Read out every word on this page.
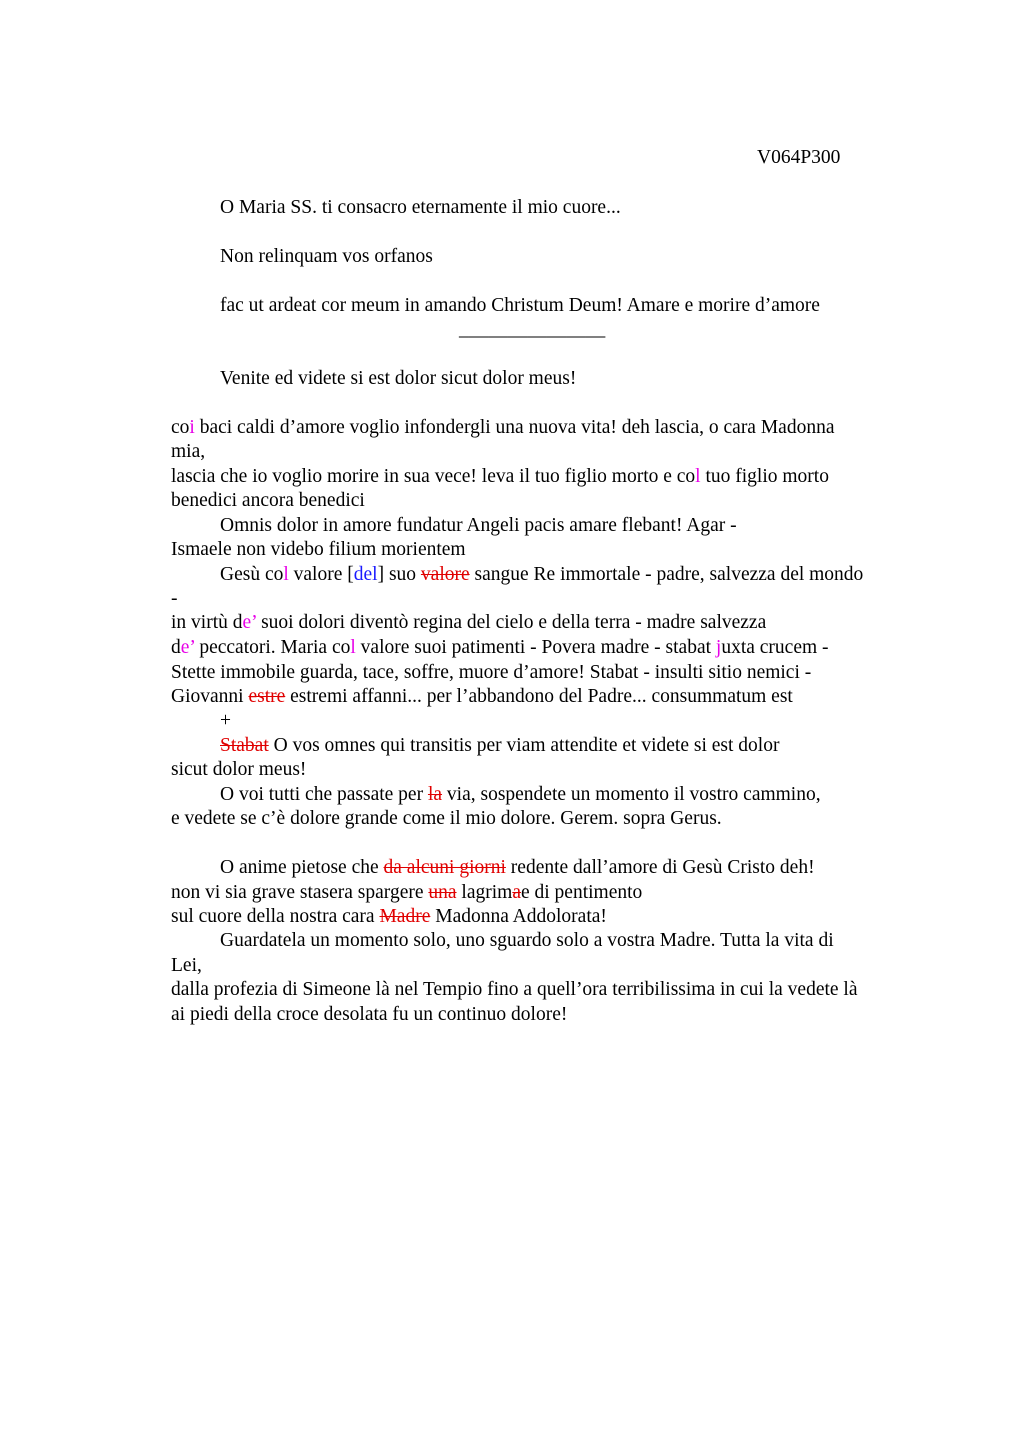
V064P300
O Maria SS. ti consacro eternamente il mio cuore...
Non relinquam vos orfanos
fac ut ardeat cor meum in amando Christum Deum! Amare e morire d’amore
_______________
Venite ed videte si est dolor sicut dolor meus!
coi baci caldi d’amore voglio infondergli una nuova vita! deh lascia, o cara Madonna
mia,
lascia che io voglio morire in sua vece! leva il tuo figlio morto e col tuo figlio morto
benedici ancora benedici
Omnis dolor in amore fundatur Angeli pacis amare flebant! Agar -
Ismaele non videbo filium morientem
Gesù col valore [del] suo valore sangue Re immortale - padre, salvezza del mondo
-
in virtù de’ suoi dolori diventò regina del cielo e della terra - madre salvezza
de’ peccatori. Maria col valore suoi patimenti - Povera madre - stabat juxta crucem -
Stette immobile guarda, tace, soffre, muore d’amore! Stabat - insulti sitio nemici -
Giovanni estre estremi affanni... per l’abbandono del Padre... consummatum est
+
Stabat O vos omnes qui transitis per viam attendite et videte si est dolor
sicut dolor meus!
O voi tutti che passate per la via, sospendete un momento il vostro cammino,
e vedete se c’è dolore grande come il mio dolore. Gerem. sopra Gerus.
O anime pietose che da alcuni giorni redente dall’amore di Gesù Cristo deh!
non vi sia grave stasera spargere una lagrimae di pentimento
sul cuore della nostra cara Madre Madonna Addolorata!
Guardatela un momento solo, uno sguardo solo a vostra Madre. Tutta la vita di
Lei,
dalla profezia di Simeone là nel Tempio fino a quell’ora terribilissima in cui la vedete là
ai piedi della croce desolata fu un continuo dolore!
